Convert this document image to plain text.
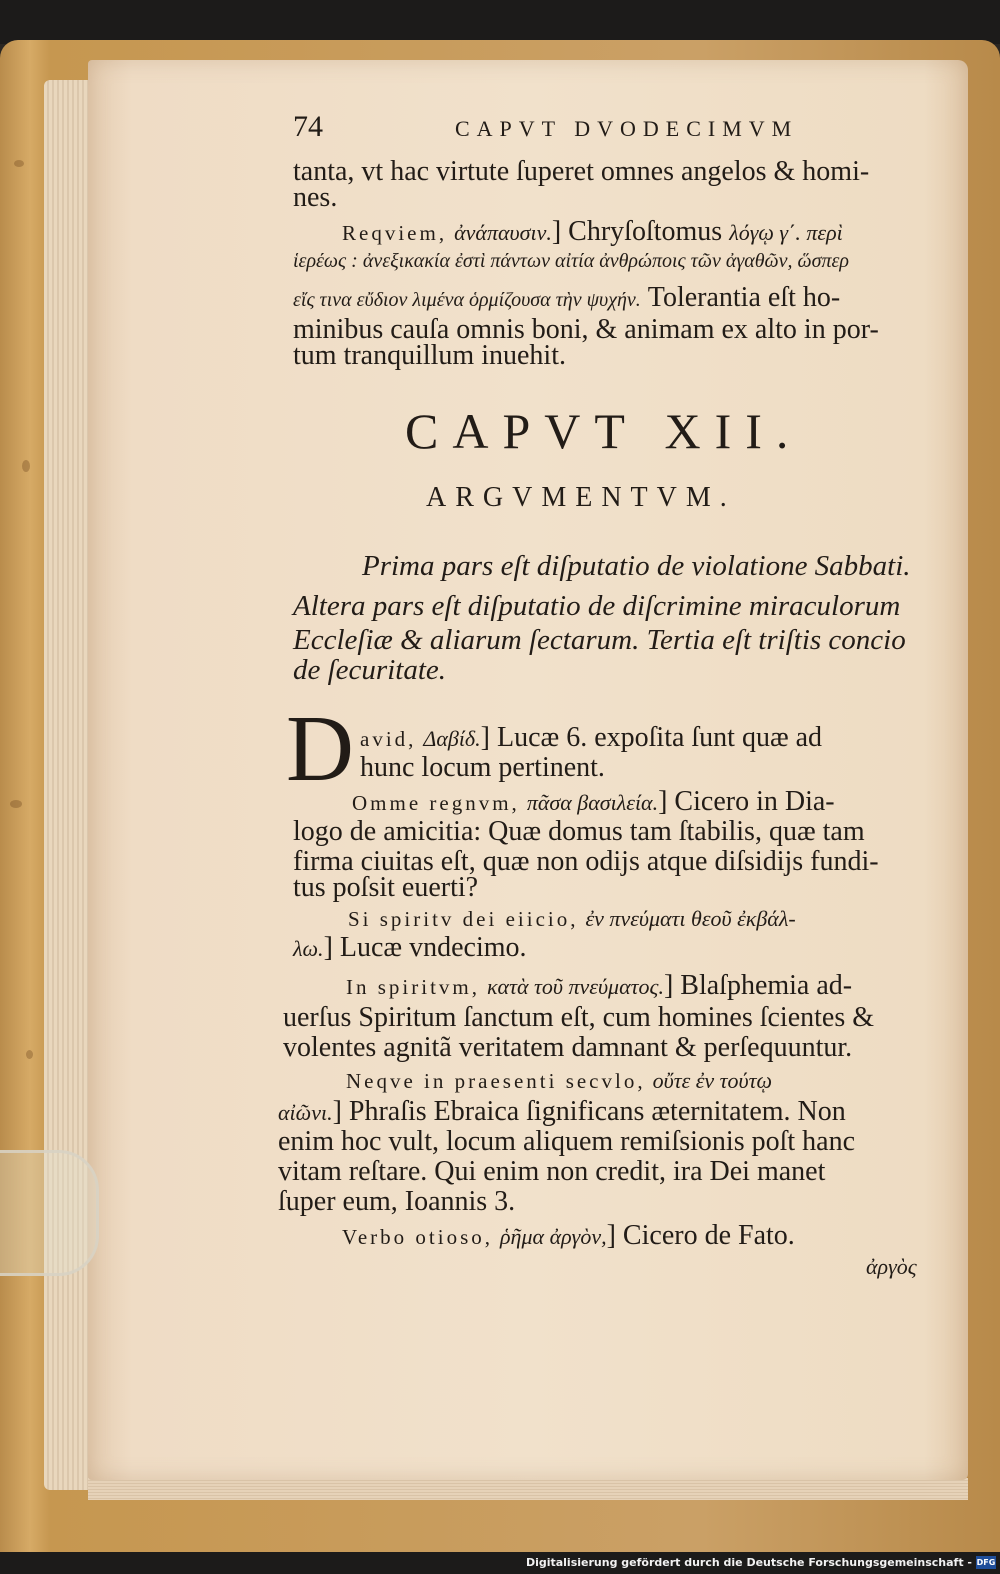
74	CAPVT DVODECIMVM
tanta, vt hac virtute ſuperet omnes angelos & homi-
nes.
Reqviem, ἀνάπαυσιν.] Chryſoſtomus λόγῳ γ΄. περὶ
ἱερέως : ἀνεξικακία ἐστὶ πάντων αἰτία ἀνθρώποις τῶν ἀγαθῶν, ὥσπερ
εἴς τινα εὔδιον λιμένα ὁρμίζουσα τὴν ψυχήν. Tolerantia eſt ho-
minibus cauſa omnis boni, & animam ex alto in por-
tum tranquillum inuehit.
CAPVT XII.
ARGVMENTVM.
Prima pars eſt diſputatio de violatione Sabbati.
Altera pars eſt diſputatio de diſcrimine miraculorum
Eccleſiæ & aliarum ſectarum. Tertia eſt triſtis concio
de ſecuritate.
D avid, Δαβίδ.] Lucæ 6. expoſita ſunt quæ ad
hunc locum pertinent.
Omme regnvm, πᾶσα βασιλεία.] Cicero in Dia-
logo de amicitia: Quæ domus tam ſtabilis, quæ tam
firma ciuitas eſt, quæ non odijs atque diſsidijs fundi-
tus poſsit euerti?
Si spiritv dei eiicio, ἐν πνεύματι θεοῦ ἐκβάλ-
λω.] Lucæ vndecimo.
In spiritvm, κατὰ τοῦ πνεύματος.] Blaſphemia ad-
uerſus Spiritum ſanctum eſt, cum homines ſcientes &
volentes agnitã veritatem damnant & perſequuntur.
Neqve in praesenti secvlo, οὔτε ἐν τούτῳ
αἰῶνι.] Phraſis Ebraica ſignificans æternitatem. Non
enim hoc vult, locum aliquem remiſsionis poſt hanc
vitam reſtare. Qui enim non credit, ira Dei manet
ſuper eum, Ioannis 3.
Verbo otioso, ῥῆμα ἀργὸν,] Cicero de Fato.
ἀργὸς
Digitalisierung gefördert durch die Deutsche Forschungsgemeinschaft - DFG
